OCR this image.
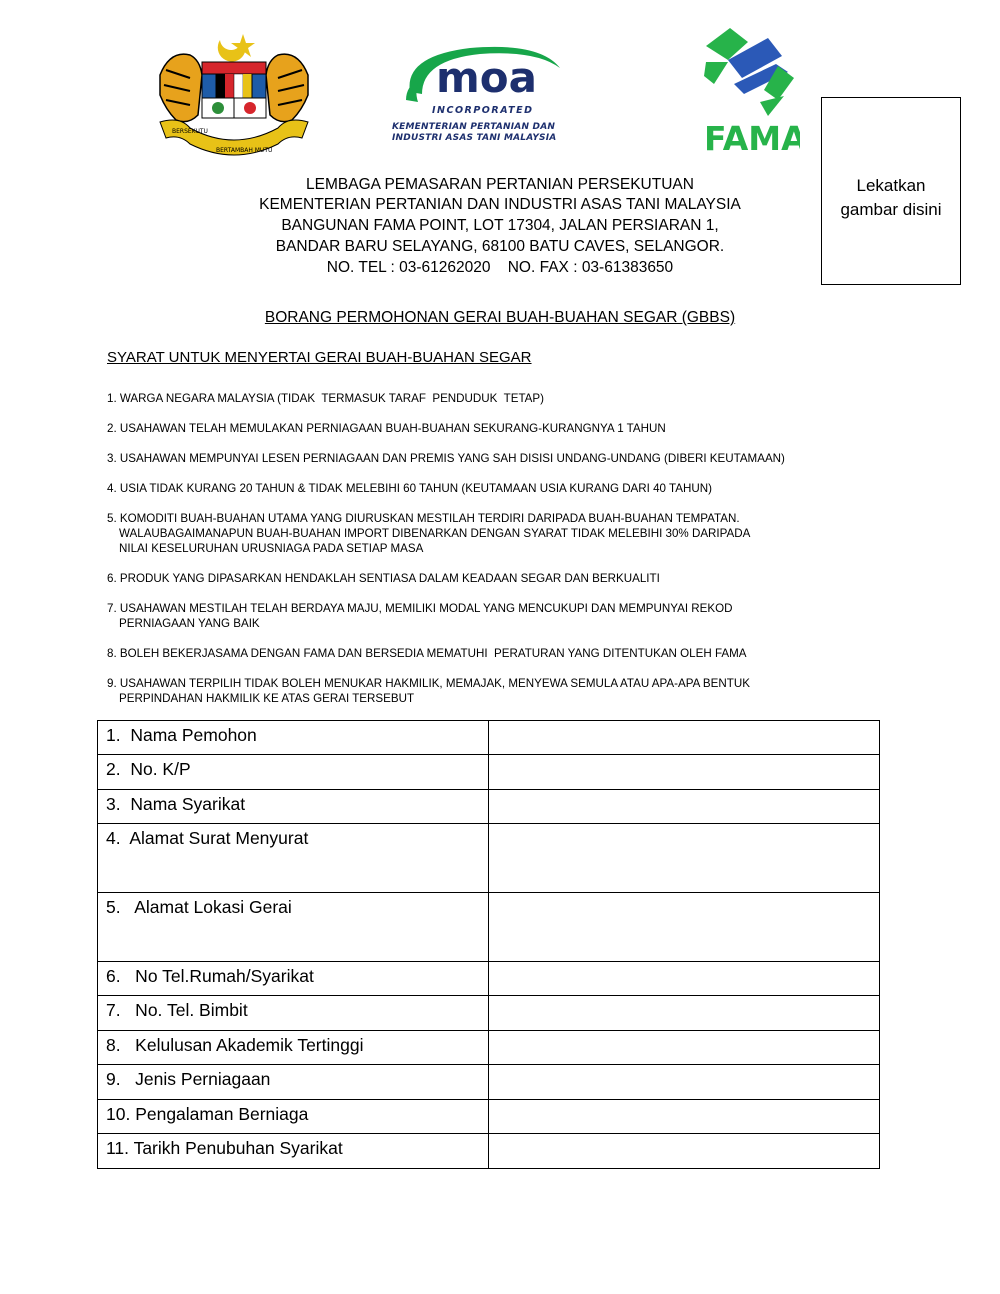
BERSEKUTU
BERTAMBAH MUTU
moa
INCORPORATED
KEMENTERIAN PERTANIAN DAN
INDUSTRI ASAS TANI MALAYSIA	FAMA
Lekatkan
gambar disini
LEMBAGA PEMASARAN PERTANIAN PERSEKUTUAN
KEMENTERIAN PERTANIAN DAN INDUSTRI ASAS TANI MALAYSIA
BANGUNAN FAMA POINT, LOT 17304, JALAN PERSIARAN 1,
BANDAR BARU SELAYANG, 68100 BATU CAVES, SELANGOR.
NO. TEL : 03-61262020    NO. FAX : 03-61383650
BORANG PERMOHONAN GERAI BUAH-BUAHAN SEGAR (GBBS)
SYARAT UNTUK MENYERTAI GERAI BUAH-BUAHAN SEGAR
1. WARGA NEGARA MALAYSIA (TIDAK  TERMASUK TARAF  PENDUDUK  TETAP)
2. USAHAWAN TELAH MEMULAKAN PERNIAGAAN BUAH-BUAHAN SEKURANG-KURANGNYA 1 TAHUN
3. USAHAWAN MEMPUNYAI LESEN PERNIAGAAN DAN PREMIS YANG SAH DISISI UNDANG-UNDANG (DIBERI KEUTAMAAN)
4. USIA TIDAK KURANG 20 TAHUN & TIDAK MELEBIHI 60 TAHUN (KEUTAMAAN USIA KURANG DARI 40 TAHUN)
5. KOMODITI BUAH-BUAHAN UTAMA YANG DIURUSKAN MESTILAH TERDIRI DARIPADA BUAH-BUAHAN TEMPATAN.
WALAUBAGAIMANAPUN BUAH-BUAHAN IMPORT DIBENARKAN DENGAN SYARAT TIDAK MELEBIHI 30% DARIPADA
NILAI KESELURUHAN URUSNIAGA PADA SETIAP MASA
6. PRODUK YANG DIPASARKAN HENDAKLAH SENTIASA DALAM KEADAAN SEGAR DAN BERKUALITI
7. USAHAWAN MESTILAH TELAH BERDAYA MAJU, MEMILIKI MODAL YANG MENCUKUPI DAN MEMPUNYAI REKOD
PERNIAGAAN YANG BAIK
8. BOLEH BEKERJASAMA DENGAN FAMA DAN BERSEDIA MEMATUHI  PERATURAN YANG DITENTUKAN OLEH FAMA
9. USAHAWAN TERPILIH TIDAK BOLEH MENUKAR HAKMILIK, MEMAJAK, MENYEWA SEMULA ATAU APA-APA BENTUK
PERPINDAHAN HAKMILIK KE ATAS GERAI TERSEBUT
1.  Nama Pemohon	
2.  No. K/P	
3.  Nama Syarikat	
4.  Alamat Surat Menyurat	
5.   Alamat Lokasi Gerai	
6.   No Tel.Rumah/Syarikat	
7.   No. Tel. Bimbit	
8.   Kelulusan Akademik Tertinggi	
9.   Jenis Perniagaan	
10. Pengalaman Berniaga	
11. Tarikh Penubuhan Syarikat	
